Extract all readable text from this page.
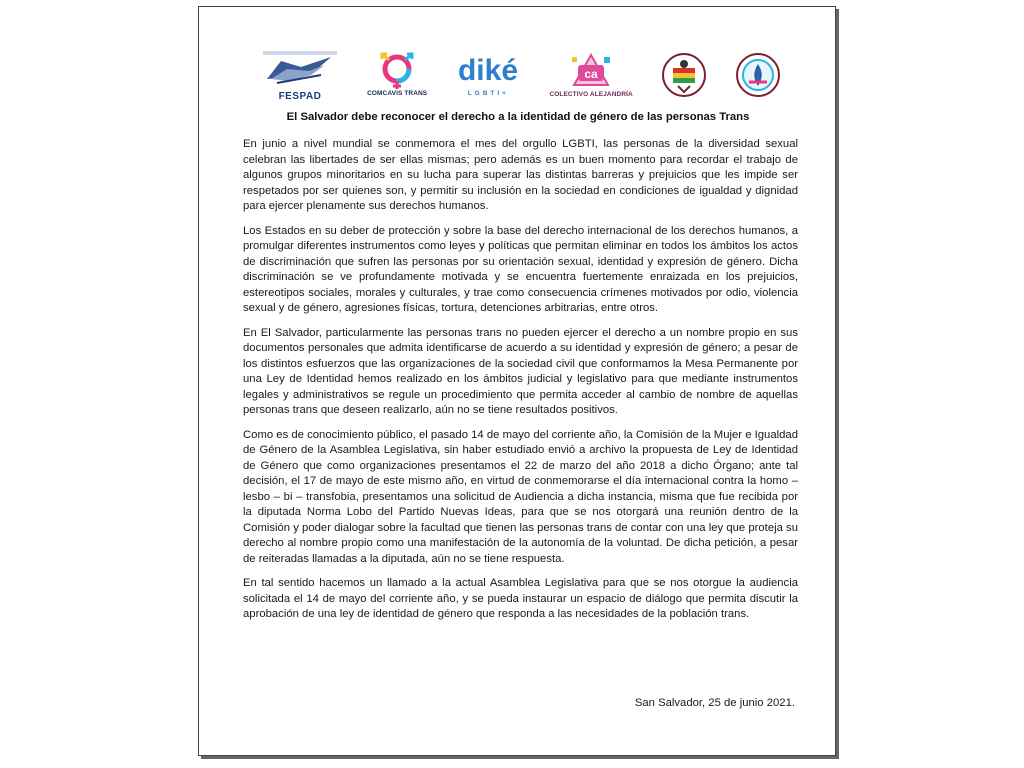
FESPAD	COMCAVIS TRANS
diké
LGBTI+
ca
COLECTIVO ALEJANDRÍA
El Salvador debe reconocer el derecho a la identidad de género de las personas Trans

En junio a nivel mundial se conmemora el mes del orgullo LGBTI, las personas de la diversidad sexual celebran las libertades de ser ellas mismas; pero además es un buen momento para recordar el trabajo de algunos grupos minoritarios en su lucha para superar las distintas barreras y prejuicios que les impide ser respetados por ser quienes son, y permitir su inclusión en la sociedad en condiciones de igualdad y dignidad para ejercer plenamente sus derechos humanos.

Los Estados en su deber de protección y sobre la base del derecho internacional de los derechos humanos, a promulgar diferentes instrumentos como leyes y políticas que permitan eliminar en todos los ámbitos los actos de discriminación que sufren las personas por su orientación sexual, identidad y expresión de género. Dicha discriminación se ve profundamente motivada y se encuentra fuertemente enraizada en los prejuicios, estereotipos sociales, morales y culturales, y trae como consecuencia crímenes motivados por odio, violencia sexual y de género, agresiones físicas, tortura, detenciones arbitrarias, entre otros.

En El Salvador, particularmente las personas trans no pueden ejercer el derecho a un nombre propio en sus documentos personales que admita identificarse de acuerdo a su identidad y expresión de género; a pesar de los distintos esfuerzos que las organizaciones de la sociedad civil que conformamos la Mesa Permanente por una Ley de Identidad hemos realizado en los ámbitos judicial y legislativo para que mediante instrumentos legales y administrativos se regule un procedimiento que permita acceder al cambio de nombre de aquellas personas trans que deseen realizarlo, aún no se tiene resultados positivos.

Como es de conocimiento público, el pasado 14 de mayo del corriente año, la Comisión de la Mujer e Igualdad de Género de la Asamblea Legislativa, sin haber estudiado envió a archivo la propuesta de Ley de Identidad de Género que como organizaciones presentamos el 22 de marzo del año 2018 a dicho Órgano; ante tal decisión, el 17 de mayo de este mismo año, en virtud de conmemorarse el día internacional contra la homo – lesbo – bi – transfobia, presentamos una solicitud de Audiencia a dicha instancia, misma que fue recibida por la diputada Norma Lobo del Partido Nuevas Ideas, para que se nos otorgará una reunión dentro de la Comisión y poder dialogar sobre la facultad que tienen las personas trans de contar con una ley que proteja su derecho al nombre propio como una manifestación de la autonomía de la voluntad. De dicha petición, a pesar de reiteradas llamadas a la diputada, aún no se tiene respuesta.

En tal sentido hacemos un llamado a la actual Asamblea Legislativa para que se nos otorgue la audiencia solicitada el 14 de mayo del corriente año, y se pueda instaurar un espacio de diálogo que permita discutir la aprobación de una ley de identidad de género que responda a las necesidades de la población trans.

San Salvador, 25 de junio 2021.
